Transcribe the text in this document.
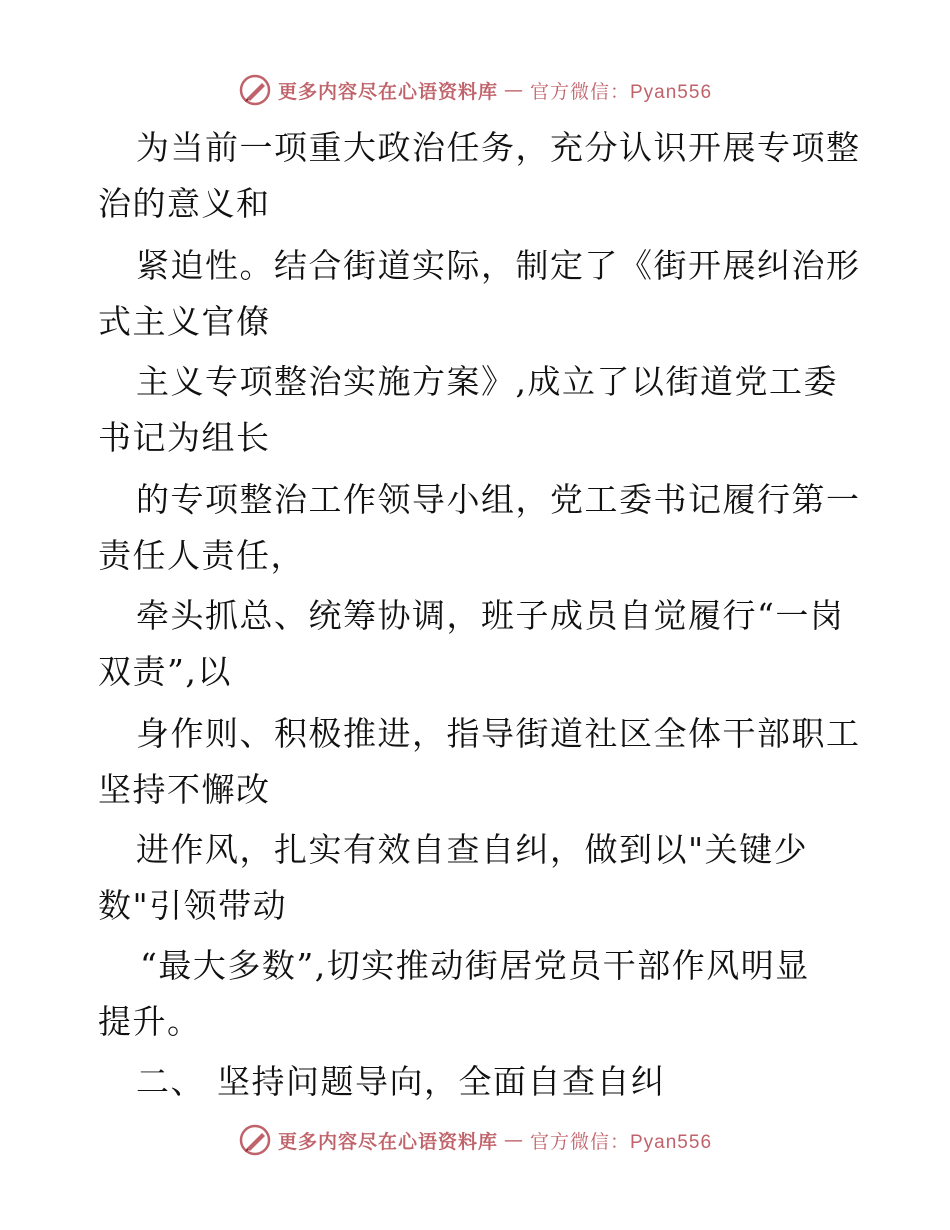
更多内容尽在心语资料库 — 官方微信：Pyan556
为当前一项重大政治任务，充分认识开展专项整
治的意义和
紧迫性。结合街道实际，制定了《街开展纠治形
式主义官僚
主义专项整治实施方案》,成立了以街道党工委
书记为组长
的专项整治工作领导小组，党工委书记履行第一
责任人责任，
牵头抓总、统筹协调，班子成员自觉履行“一岗
双责”,以
身作则、积极推进，指导街道社区全体干部职工
坚持不懈改
进作风，扎实有效自查自纠，做到以"关键少
数"引领带动
“最大多数”,切实推动街居党员干部作风明显
提升。
二、 坚持问题导向，全面自查自纠
更多内容尽在心语资料库 — 官方微信：Pyan556
